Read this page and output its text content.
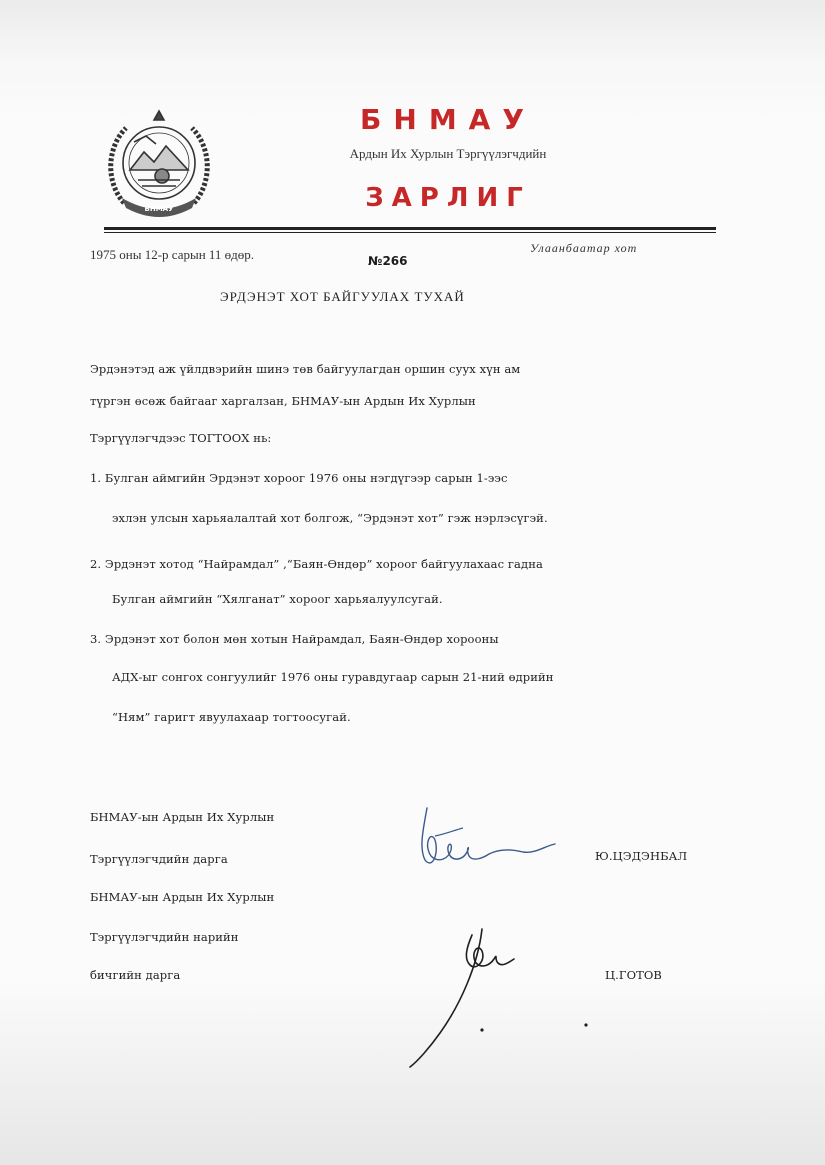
БНМАУ
БНМАУ
Ардын Их Хурлын Тэргүүлэгчдийн
ЗАРЛИГ
1975 оны 12-р сарын 11 өдөр.	№266
Улаанбаатар хот
ЭРДЭНЭТ ХОТ БАЙГУУЛАХ ТУХАЙ
Эрдэнэтэд аж үйлдвэрийн шинэ төв байгуулагдан оршин суух хүн ам
түргэн өсөж байгааг харгалзан, БНМАУ-ын Ардын Их Хурлын
Тэргүүлэгчдээс ТОГТООХ нь:
1. Булган аймгийн Эрдэнэт хороог 1976 оны нэгдүгээр сарын 1-ээс
эхлэн улсын харьяалалтай хот болгож, “Эрдэнэт хот” гэж нэрлэсүгэй.
2. Эрдэнэт хотод “Найрамдал” ,“Баян-Өндөр” хороог байгуулахаас гадна
Булган аймгийн “Хялганат” хороог харьяалуулсугай.
3. Эрдэнэт хот болон мөн хотын Найрамдал, Баян-Өндөр хорооны
АДХ-ыг сонгох сонгуулийг 1976 оны гуравдугаар сарын 21-ний өдрийн
“Ням” гаригт явуулахаар тогтоосугай.
БНМАУ-ын Ардын Их Хурлын
Тэргүүлэгчдийн дарга	Ю.ЦЭДЭНБАЛ
БНМАУ-ын Ардын Их Хурлын
Тэргүүлэгчдийн нарийн
бичгийн дарга	Ц.ГОТОВ
